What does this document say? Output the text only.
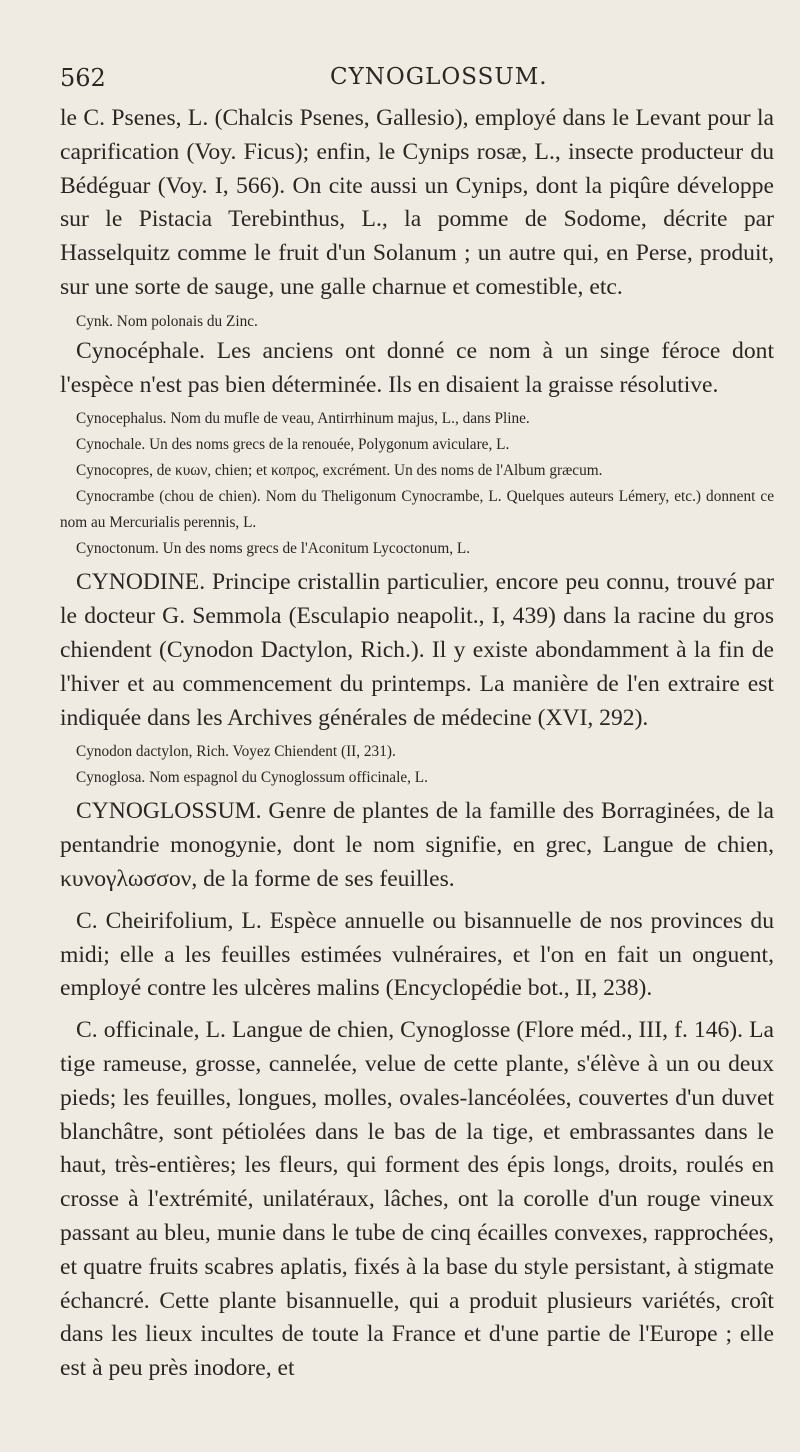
562	CYNOGLOSSUM.

le C. Psenes, L. (Chalcis Psenes, Gallesio), employé dans le Levant pour la caprification (Voy. Ficus); enfin, le Cynips rosæ, L., insecte producteur du Bédéguar (Voy. I, 566). On cite aussi un Cynips, dont la piqûre développe sur le Pistacia Terebinthus, L., la pomme de Sodome, décrite par Hasselquitz comme le fruit d'un Solanum ; un autre qui, en Perse, produit, sur une sorte de sauge, une galle charnue et comestible, etc.

Cynk. Nom polonais du Zinc.

Cynocéphale. Les anciens ont donné ce nom à un singe féroce dont l'espèce n'est pas bien déterminée. Ils en disaient la graisse résolutive.

Cynocephalus. Nom du mufle de veau, Antirrhinum majus, L., dans Pline.

Cynochale. Un des noms grecs de la renouée, Polygonum aviculare, L.

Cynocopres, de κυων, chien; et κοπρος, excrément. Un des noms de l'Album græcum.

Cynocrambe (chou de chien). Nom du Theligonum Cynocrambe, L. Quelques auteurs Lémery, etc.) donnent ce nom au Mercurialis perennis, L.

Cynoctonum. Un des noms grecs de l'Aconitum Lycoctonum, L.

CYNODINE. Principe cristallin particulier, encore peu connu, trouvé par le docteur G. Semmola (Esculapio neapolit., I, 439) dans la racine du gros chiendent (Cynodon Dactylon, Rich.). Il y existe abondamment à la fin de l'hiver et au commencement du printemps. La manière de l'en extraire est indiquée dans les Archives générales de médecine (XVI, 292).

Cynodon dactylon, Rich. Voyez Chiendent (II, 231).

Cynoglosa. Nom espagnol du Cynoglossum officinale, L.

CYNOGLOSSUM. Genre de plantes de la famille des Borraginées, de la pentandrie monogynie, dont le nom signifie, en grec, Langue de chien, κυνογλωσσον, de la forme de ses feuilles.

C. Cheirifolium, L. Espèce annuelle ou bisannuelle de nos provinces du midi; elle a les feuilles estimées vulnéraires, et l'on en fait un onguent, employé contre les ulcères malins (Encyclopédie bot., II, 238).

C. officinale, L. Langue de chien, Cynoglosse (Flore méd., III, f. 146). La tige rameuse, grosse, cannelée, velue de cette plante, s'élève à un ou deux pieds; les feuilles, longues, molles, ovales-lancéolées, couvertes d'un duvet blanchâtre, sont pétiolées dans le bas de la tige, et embrassantes dans le haut, très-entières; les fleurs, qui forment des épis longs, droits, roulés en crosse à l'extrémité, unilatéraux, lâches, ont la corolle d'un rouge vineux passant au bleu, munie dans le tube de cinq écailles convexes, rapprochées, et quatre fruits scabres aplatis, fixés à la base du style persistant, à stigmate échancré. Cette plante bisannuelle, qui a produit plusieurs variétés, croît dans les lieux incultes de toute la France et d'une partie de l'Europe ; elle est à peu près inodore, et
